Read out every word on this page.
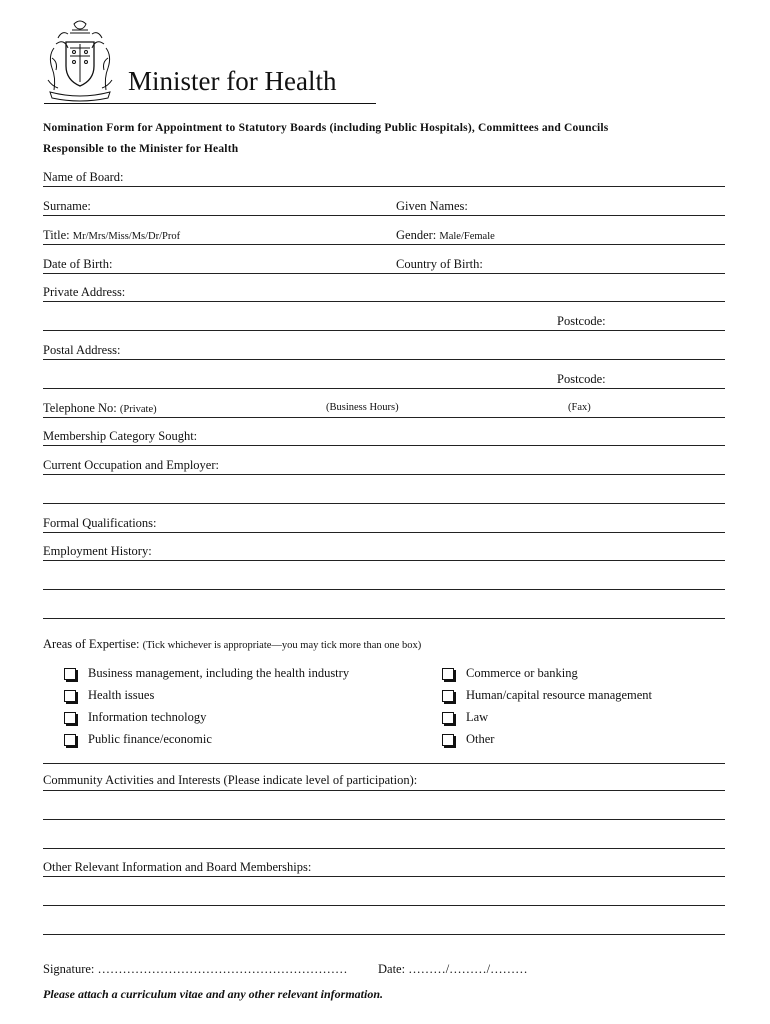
Minister for Health
Nomination Form for Appointment to Statutory Boards (including Public Hospitals), Committees and Councils
Responsible to the Minister for Health
Name of Board:
Surname:	Given Names:
Title: Mr/Mrs/Miss/Ms/Dr/Prof	Gender: Male/Female
Date of Birth:	Country of Birth:
Private Address:
Postcode:
Postal Address:
Postcode:
Telephone No: (Private)	(Business Hours)	(Fax)
Membership Category Sought:
Current Occupation and Employer:
Formal Qualifications:
Employment History:
Areas of Expertise: (Tick whichever is appropriate—you may tick more than one box)
Business management, including the health industry
Health issues
Information technology
Public finance/economic
Commerce or banking
Human/capital resource management
Law
Other
Community Activities and Interests (Please indicate level of participation):
Other Relevant Information and Board Memberships:
Signature: …………………………………………………… Date: ………/………/………
Please attach a curriculum vitae and any other relevant information.
